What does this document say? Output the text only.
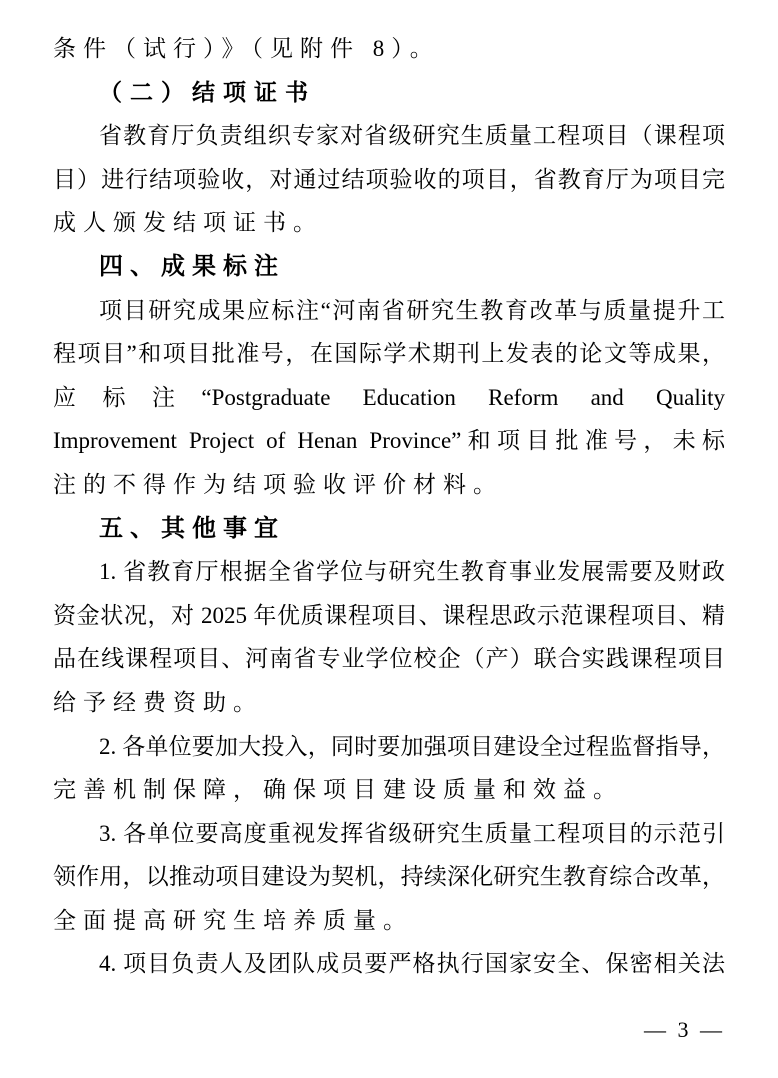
条件（试行）》（见附件 8）。
（二）结项证书
省教育厅负责组织专家对省级研究生质量工程项目（课程项
目）进行结项验收，对通过结项验收的项目，省教育厅为项目完
成人颁发结项证书。
四、成果标注
项目研究成果应标注“河南省研究生教育改革与质量提升工
程项目”和项目批准号，在国际学术期刊上发表的论文等成果，
应标注“Postgraduate Education Reform and Quality
Improvement Project of Henan Province”和项目批准号，未标
注的不得作为结项验收评价材料。
五、其他事宜
1. 省教育厅根据全省学位与研究生教育事业发展需要及财政
资金状况，对 2025 年优质课程项目、课程思政示范课程项目、精
品在线课程项目、河南省专业学位校企（产）联合实践课程项目
给予经费资助。
2. 各单位要加大投入，同时要加强项目建设全过程监督指导，
完善机制保障，确保项目建设质量和效益。
3. 各单位要高度重视发挥省级研究生质量工程项目的示范引
领作用，以推动项目建设为契机，持续深化研究生教育综合改革，
全面提高研究生培养质量。
4. 项目负责人及团队成员要严格执行国家安全、保密相关法
— 3 —
